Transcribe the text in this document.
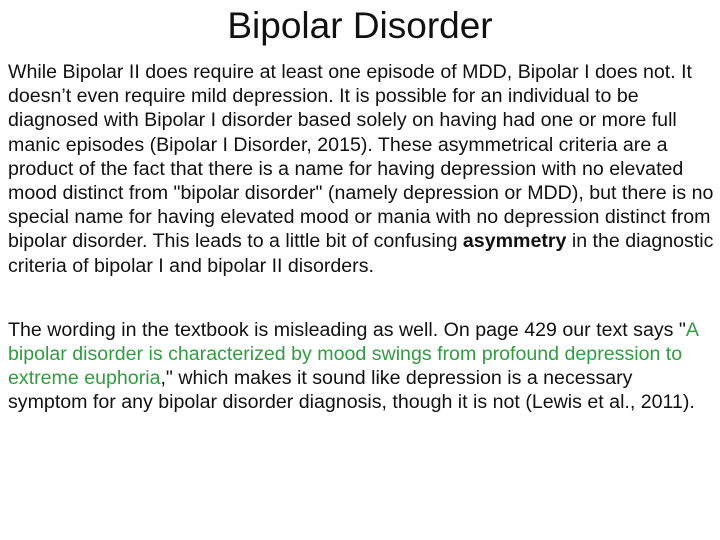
Bipolar Disorder

While Bipolar II does require at least one episode of MDD, Bipolar I does not. It doesn’t even require mild depression. It is possible for an individual to be diagnosed with Bipolar I disorder based solely on having had one or more full manic episodes (Bipolar I Disorder, 2015). These asymmetrical criteria are a product of the fact that there is a name for having depression with no elevated mood distinct from "bipolar disorder" (namely depression or MDD), but there is no special name for having elevated mood or mania with no depression distinct from bipolar disorder. This leads to a little bit of confusing asymmetry in the diagnostic criteria of bipolar I and bipolar II disorders.

The wording in the textbook is misleading as well. On page 429 our text says "A bipolar disorder is characterized by mood swings from profound depression to extreme euphoria," which makes it sound like depression is a necessary symptom for any bipolar disorder diagnosis, though it is not (Lewis et al., 2011).
